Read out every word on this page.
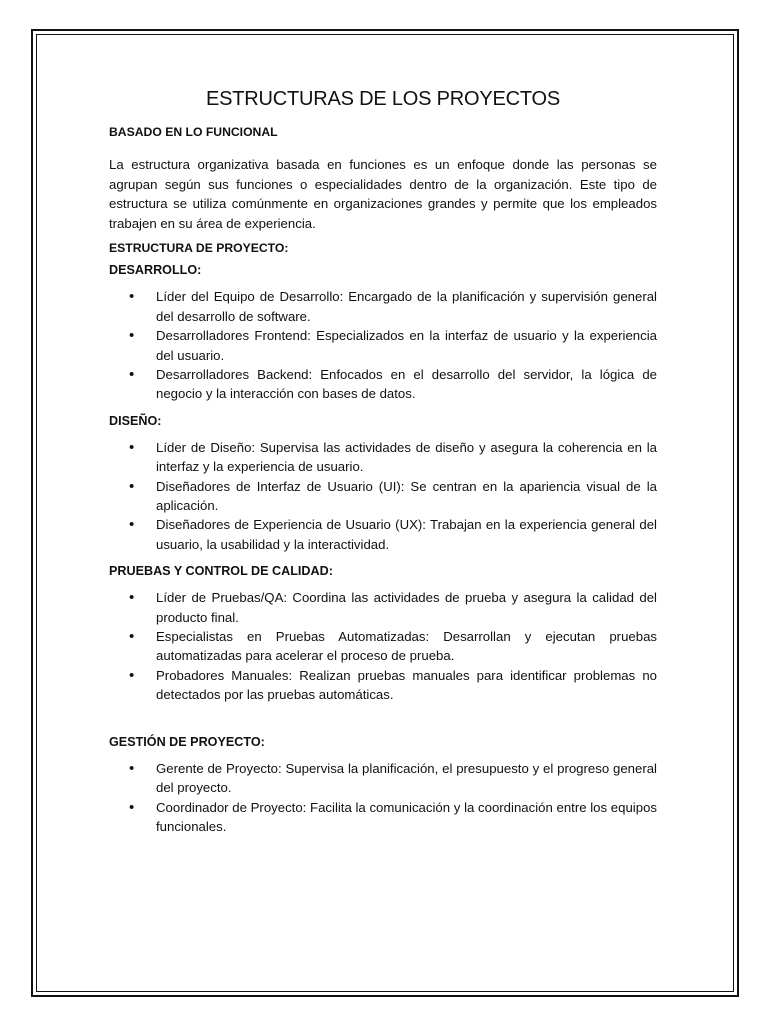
ESTRUCTURAS DE LOS PROYECTOS

BASADO EN LO FUNCIONAL

La estructura organizativa basada en funciones es un enfoque donde las personas se agrupan según sus funciones o especialidades dentro de la organización. Este tipo de estructura se utiliza comúnmente en organizaciones grandes y permite que los empleados trabajen en su área de experiencia.

ESTRUCTURA DE PROYECTO:

DESARROLLO:

• Líder del Equipo de Desarrollo: Encargado de la planificación y supervisión general del desarrollo de software.
• Desarrolladores Frontend: Especializados en la interfaz de usuario y la experiencia del usuario.
• Desarrolladores Backend: Enfocados en el desarrollo del servidor, la lógica de negocio y la interacción con bases de datos.

DISEÑO:

• Líder de Diseño: Supervisa las actividades de diseño y asegura la coherencia en la interfaz y la experiencia de usuario.
• Diseñadores de Interfaz de Usuario (UI): Se centran en la apariencia visual de la aplicación.
• Diseñadores de Experiencia de Usuario (UX): Trabajan en la experiencia general del usuario, la usabilidad y la interactividad.

PRUEBAS Y CONTROL DE CALIDAD:

• Líder de Pruebas/QA: Coordina las actividades de prueba y asegura la calidad del producto final.
• Especialistas en Pruebas Automatizadas: Desarrollan y ejecutan pruebas automatizadas para acelerar el proceso de prueba.
• Probadores Manuales: Realizan pruebas manuales para identificar problemas no detectados por las pruebas automáticas.

GESTIÓN DE PROYECTO:

• Gerente de Proyecto: Supervisa la planificación, el presupuesto y el progreso general del proyecto.
• Coordinador de Proyecto: Facilita la comunicación y la coordinación entre los equipos funcionales.
